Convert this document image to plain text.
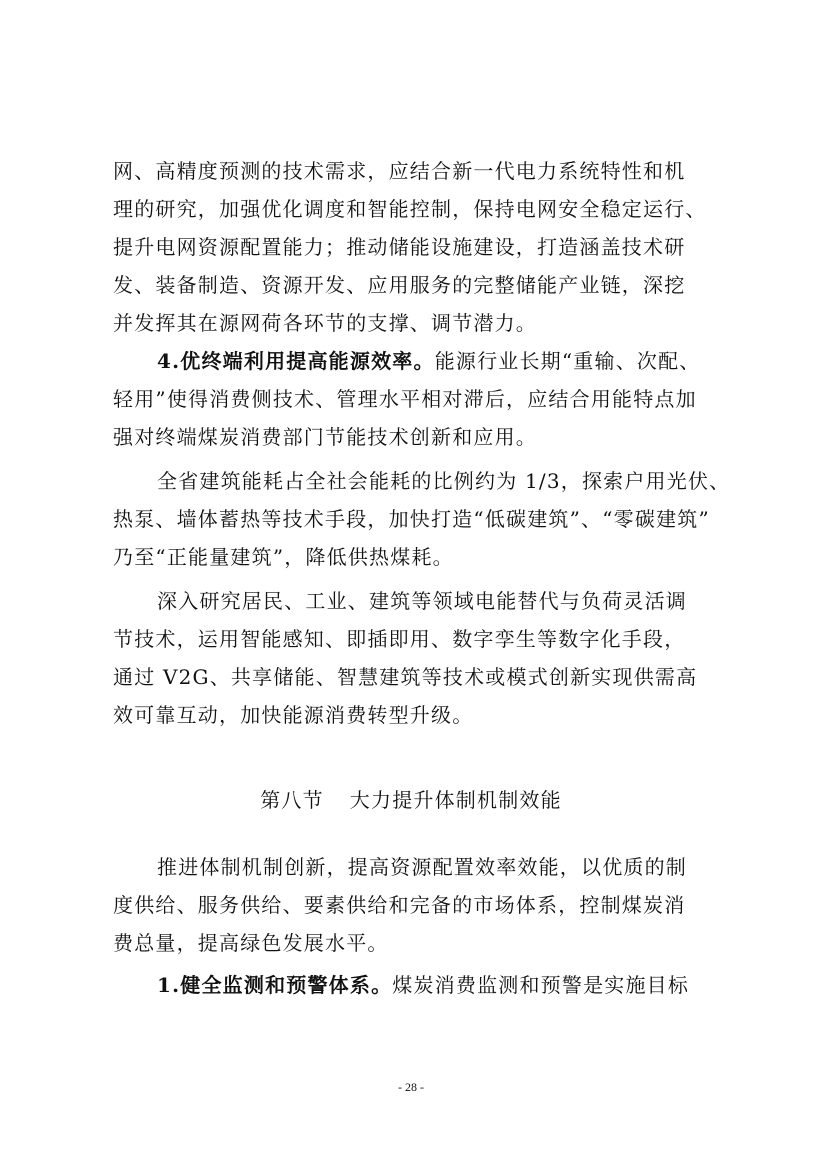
网、高精度预测的技术需求，应结合新一代电力系统特性和机
理的研究，加强优化调度和智能控制，保持电网安全稳定运行、
提升电网资源配置能力；推动储能设施建设，打造涵盖技术研
发、装备制造、资源开发、应用服务的完整储能产业链，深挖
并发挥其在源网荷各环节的支撑、调节潜力。
4.优终端利用提高能源效率。能源行业长期“重输、次配、
轻用”使得消费侧技术、管理水平相对滞后，应结合用能特点加
强对终端煤炭消费部门节能技术创新和应用。
全省建筑能耗占全社会能耗的比例约为 1/3，探索户用光伏、
热泵、墙体蓄热等技术手段，加快打造“低碳建筑”、“零碳建筑”
乃至“正能量建筑”，降低供热煤耗。
深入研究居民、工业、建筑等领域电能替代与负荷灵活调
节技术，运用智能感知、即插即用、数字孪生等数字化手段，
通过 V2G、共享储能、智慧建筑等技术或模式创新实现供需高
效可靠互动，加快能源消费转型升级。
第八节 大力提升体制机制效能
推进体制机制创新，提高资源配置效率效能，以优质的制
度供给、服务供给、要素供给和完备的市场体系，控制煤炭消
费总量，提高绿色发展水平。
1.健全监测和预警体系。煤炭消费监测和预警是实施目标
- 28 -
